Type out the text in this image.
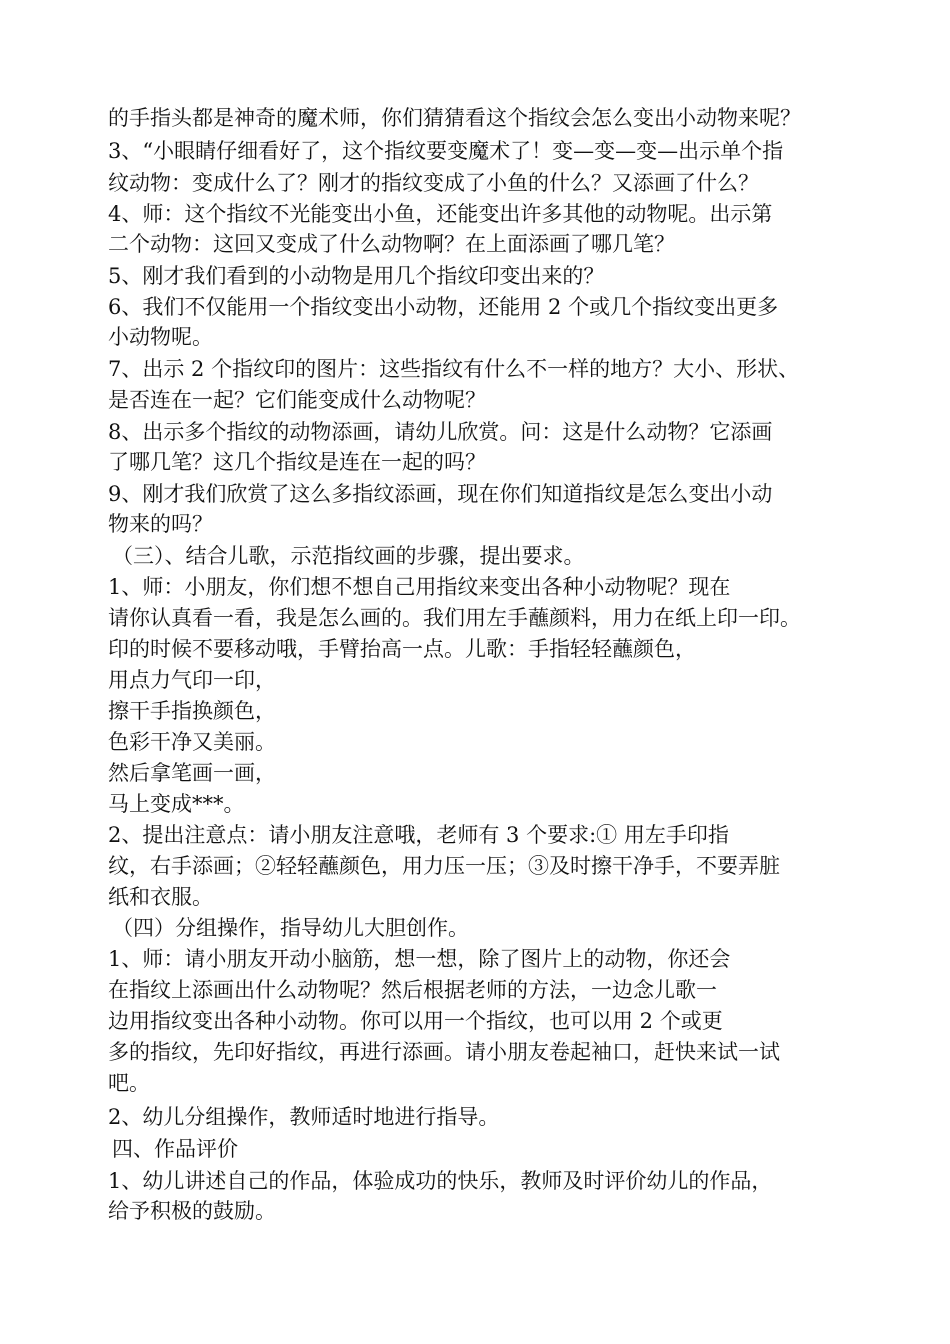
的手指头都是神奇的魔术师，你们猜猜看这个指纹会怎么变出小动物来呢？
3、“小眼睛仔细看好了，这个指纹要变魔术了！变—变—变—出示单个指
纹动物：变成什么了？刚才的指纹变成了小鱼的什么？又添画了什么？
4、师：这个指纹不光能变出小鱼，还能变出许多其他的动物呢。出示第
二个动物：这回又变成了什么动物啊？在上面添画了哪几笔？
5、刚才我们看到的小动物是用几个指纹印变出来的？
6、我们不仅能用一个指纹变出小动物，还能用 2 个或几个指纹变出更多
小动物呢。
7、出示 2 个指纹印的图片：这些指纹有什么不一样的地方？大小、形状、
是否连在一起？它们能变成什么动物呢？
8、出示多个指纹的动物添画，请幼儿欣赏。问：这是什么动物？它添画
了哪几笔？这几个指纹是连在一起的吗？
9、刚才我们欣赏了这么多指纹添画，现在你们知道指纹是怎么变出小动
物来的吗？
（三）、结合儿歌，示范指纹画的步骤，提出要求。
1、师：小朋友，你们想不想自己用指纹来变出各种小动物呢？现在
请你认真看一看，我是怎么画的。我们用左手蘸颜料，用力在纸上印一印。
印的时候不要移动哦，手臂抬高一点。儿歌：手指轻轻蘸颜色，
用点力气印一印，
擦干手指换颜色，
色彩干净又美丽。
然后拿笔画一画，
马上变成***。
2、提出注意点：请小朋友注意哦，老师有 3 个要求:① 用左手印指
纹，右手添画；②轻轻蘸颜色，用力压一压；③及时擦干净手，不要弄脏
纸和衣服。
（四）分组操作，指导幼儿大胆创作。
1、师：请小朋友开动小脑筋，想一想，除了图片上的动物，你还会
在指纹上添画出什么动物呢？然后根据老师的方法，一边念儿歌一
边用指纹变出各种小动物。你可以用一个指纹，也可以用 2 个或更
多的指纹，先印好指纹，再进行添画。请小朋友卷起袖口，赶快来试一试
吧。
2、幼儿分组操作，教师适时地进行指导。
四、作品评价
1、幼儿讲述自己的作品，体验成功的快乐，教师及时评价幼儿的作品，
给予积极的鼓励。
